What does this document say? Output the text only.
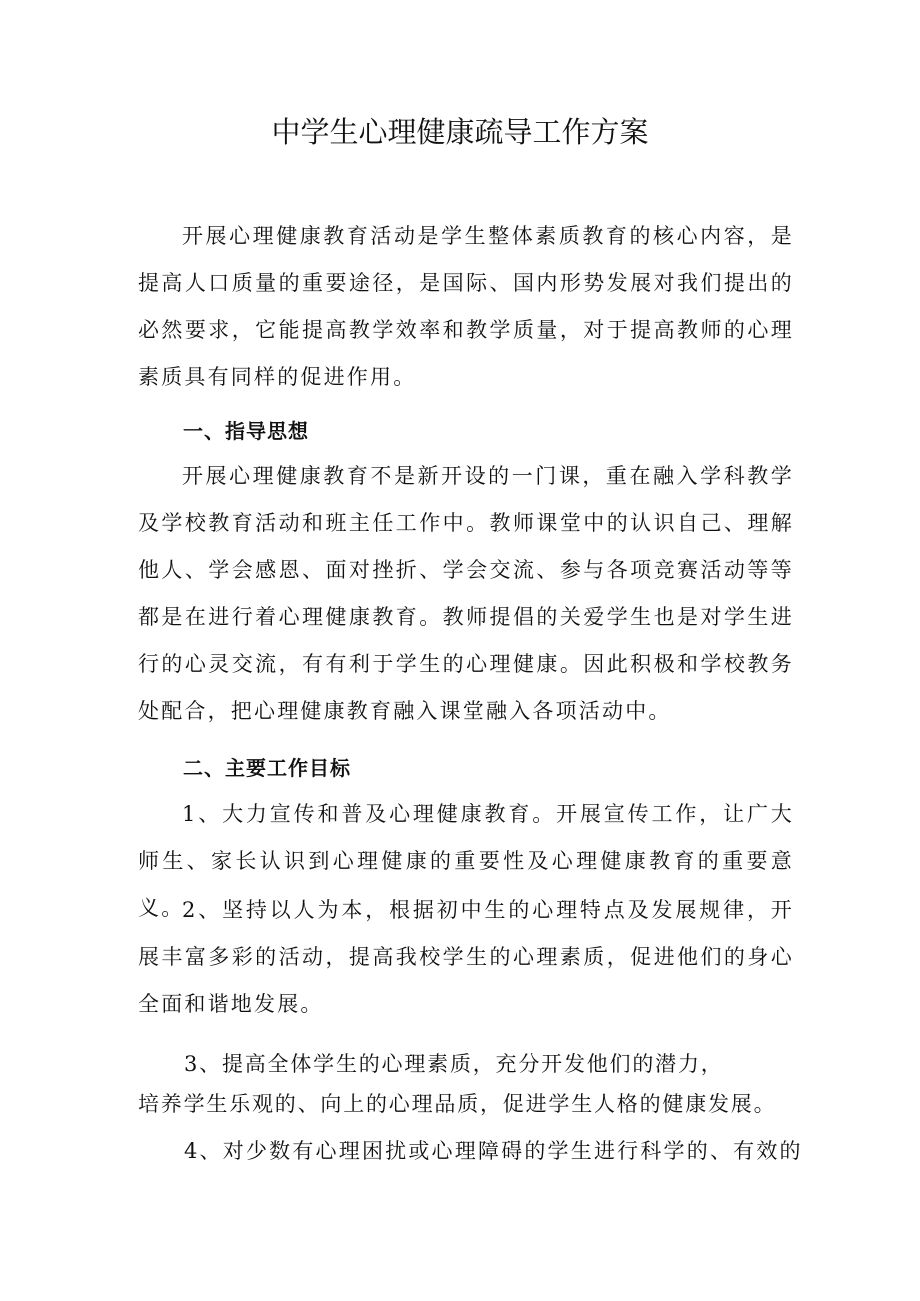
中学生心理健康疏导工作方案

开展心理健康教育活动是学生整体素质教育的核心内容，是提高人口质量的重要途径，是国际、国内形势发展对我们提出的必然要求，它能提高教学效率和教学质量，对于提高教师的心理素质具有同样的促进作用。

一、指导思想

开展心理健康教育不是新开设的一门课，重在融入学科教学及学校教育活动和班主任工作中。教师课堂中的认识自己、理解他人、学会感恩、面对挫折、学会交流、参与各项竞赛活动等等都是在进行着心理健康教育。教师提倡的关爱学生也是对学生进行的心灵交流，有有利于学生的心理健康。因此积极和学校教务处配合，把心理健康教育融入课堂融入各项活动中。

二、主要工作目标

1、大力宣传和普及心理健康教育。开展宣传工作，让广大师生、家长认识到心理健康的重要性及心理健康教育的重要意义。

2、坚持以人为本，根据初中生的心理特点及发展规律，开展丰富多彩的活动，提高我校学生的心理素质，促进他们的身心全面和谐地发展。

3、提高全体学生的心理素质，充分开发他们的潜力，

培养学生乐观的、向上的心理品质，促进学生人格的健康发展。

4、对少数有心理困扰或心理障碍的学生进行科学的、有效的
